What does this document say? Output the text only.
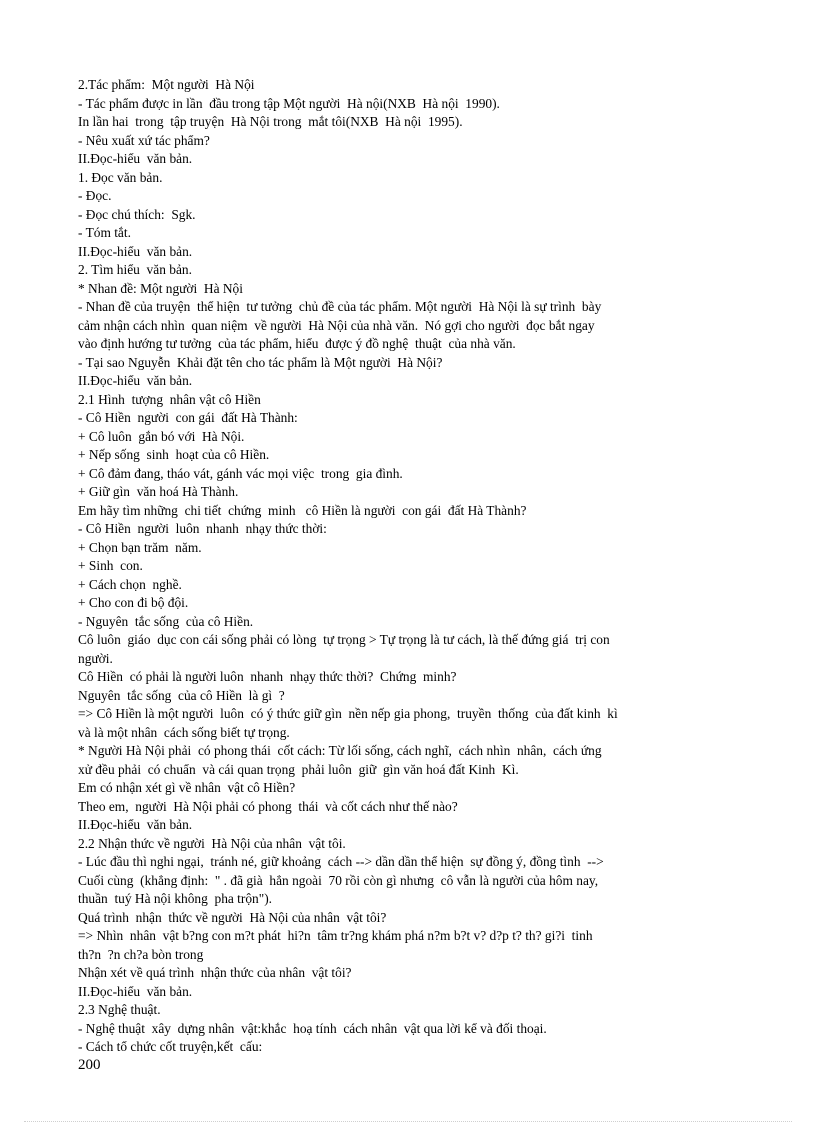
2.Tác phẩm:  Một người  Hà Nội

- Tác phẩm được in lần  đầu trong tập Một người  Hà nội(NXB  Hà nội  1990).

In lần hai  trong  tập truyện  Hà Nội trong  mắt tôi(NXB  Hà nội  1995).

- Nêu xuất xứ tác phẩm?

II.Đọc-hiểu  văn bản.

1. Đọc văn bản.

- Đọc.

- Đọc chú thích:  Sgk.

- Tóm tắt.

II.Đọc-hiểu  văn bản.

2. Tìm hiểu  văn bản.

* Nhan đề: Một người  Hà Nội

- Nhan đề của truyện  thể hiện  tư tưởng  chủ đề của tác phẩm. Một người  Hà Nội là sự trình  bày

cảm nhận cách nhìn  quan niệm  về người  Hà Nội của nhà văn.  Nó gợi cho người  đọc bắt ngay

vào định hướng tư tưởng  của tác phẩm, hiểu  được ý đồ nghệ  thuật  của nhà văn.

- Tại sao Nguyễn  Khải đặt tên cho tác phẩm là Một người  Hà Nội?

II.Đọc-hiểu  văn bản.

2.1 Hình  tượng  nhân vật cô Hiền

- Cô Hiền  người  con gái  đất Hà Thành:

+ Cô luôn  gắn bó với  Hà Nội.

+ Nếp sống  sinh  hoạt của cô Hiền.

+ Cô đảm đang, tháo vát, gánh vác mọi việc  trong  gia đình.

+ Giữ gìn  văn hoá Hà Thành.

Em hãy tìm những  chi tiết  chứng  minh   cô Hiền là người  con gái  đất Hà Thành?

- Cô Hiền  người  luôn  nhanh  nhạy thức thời:

+ Chọn bạn trăm  năm.

+ Sinh  con.

+ Cách chọn  nghề.

+ Cho con đi bộ đội.

- Nguyên  tắc sống  của cô Hiền.

Cô luôn  giáo  dục con cái sống phải có lòng  tự trọng > Tự trọng là tư cách, là thế đứng giá  trị con

người.

Cô Hiền  có phải là người luôn  nhanh  nhạy thức thời?  Chứng  minh?

Nguyên  tắc sống  của cô Hiền  là gì  ?

=> Cô Hiền là một người  luôn  có ý thức giữ gìn  nền nếp gia phong,  truyền  thống  của đất kinh  kì

và là một nhân  cách sống biết tự trọng.

* Người Hà Nội phải  có phong thái  cốt cách: Từ lối sống, cách nghĩ,  cách nhìn  nhân,  cách ứng

xử đều phải  có chuẩn  và cái quan trọng  phải luôn  giữ  gìn văn hoá đất Kinh  Kì.

Em có nhận xét gì về nhân  vật cô Hiền?

Theo em,  người  Hà Nội phải có phong  thái  và cốt cách như thế nào?

II.Đọc-hiểu  văn bản.

2.2 Nhận thức về người  Hà Nội của nhân  vật tôi.

- Lúc đầu thì nghi ngại,  tránh né, giữ khoảng  cách --> dần dần thể hiện  sự đồng ý, đồng tình  -->

Cuối cùng  (khẳng định:  " . đã già  hẳn ngoài  70 rồi còn gì nhưng  cô vẫn là người của hôm nay,

thuần  tuý Hà nội không  pha trộn").

Quá trình  nhận  thức về người  Hà Nội của nhân  vật tôi?

=> Nhìn  nhân  vật b?ng con m?t phát  hi?n  tâm tr?ng khám phá n?m b?t v? d?p t? th? gi?i  tinh

th?n  ?n ch?a bòn trong

Nhận xét về quá trình  nhận thức của nhân  vật tôi?

II.Đọc-hiểu  văn bản.

2.3 Nghệ thuật.

- Nghệ thuật  xây  dựng nhân  vật:khắc  hoạ tính  cách nhân  vật qua lời kể và đối thoại.

- Cách tổ chức cốt truyện,kết  cấu:

200
